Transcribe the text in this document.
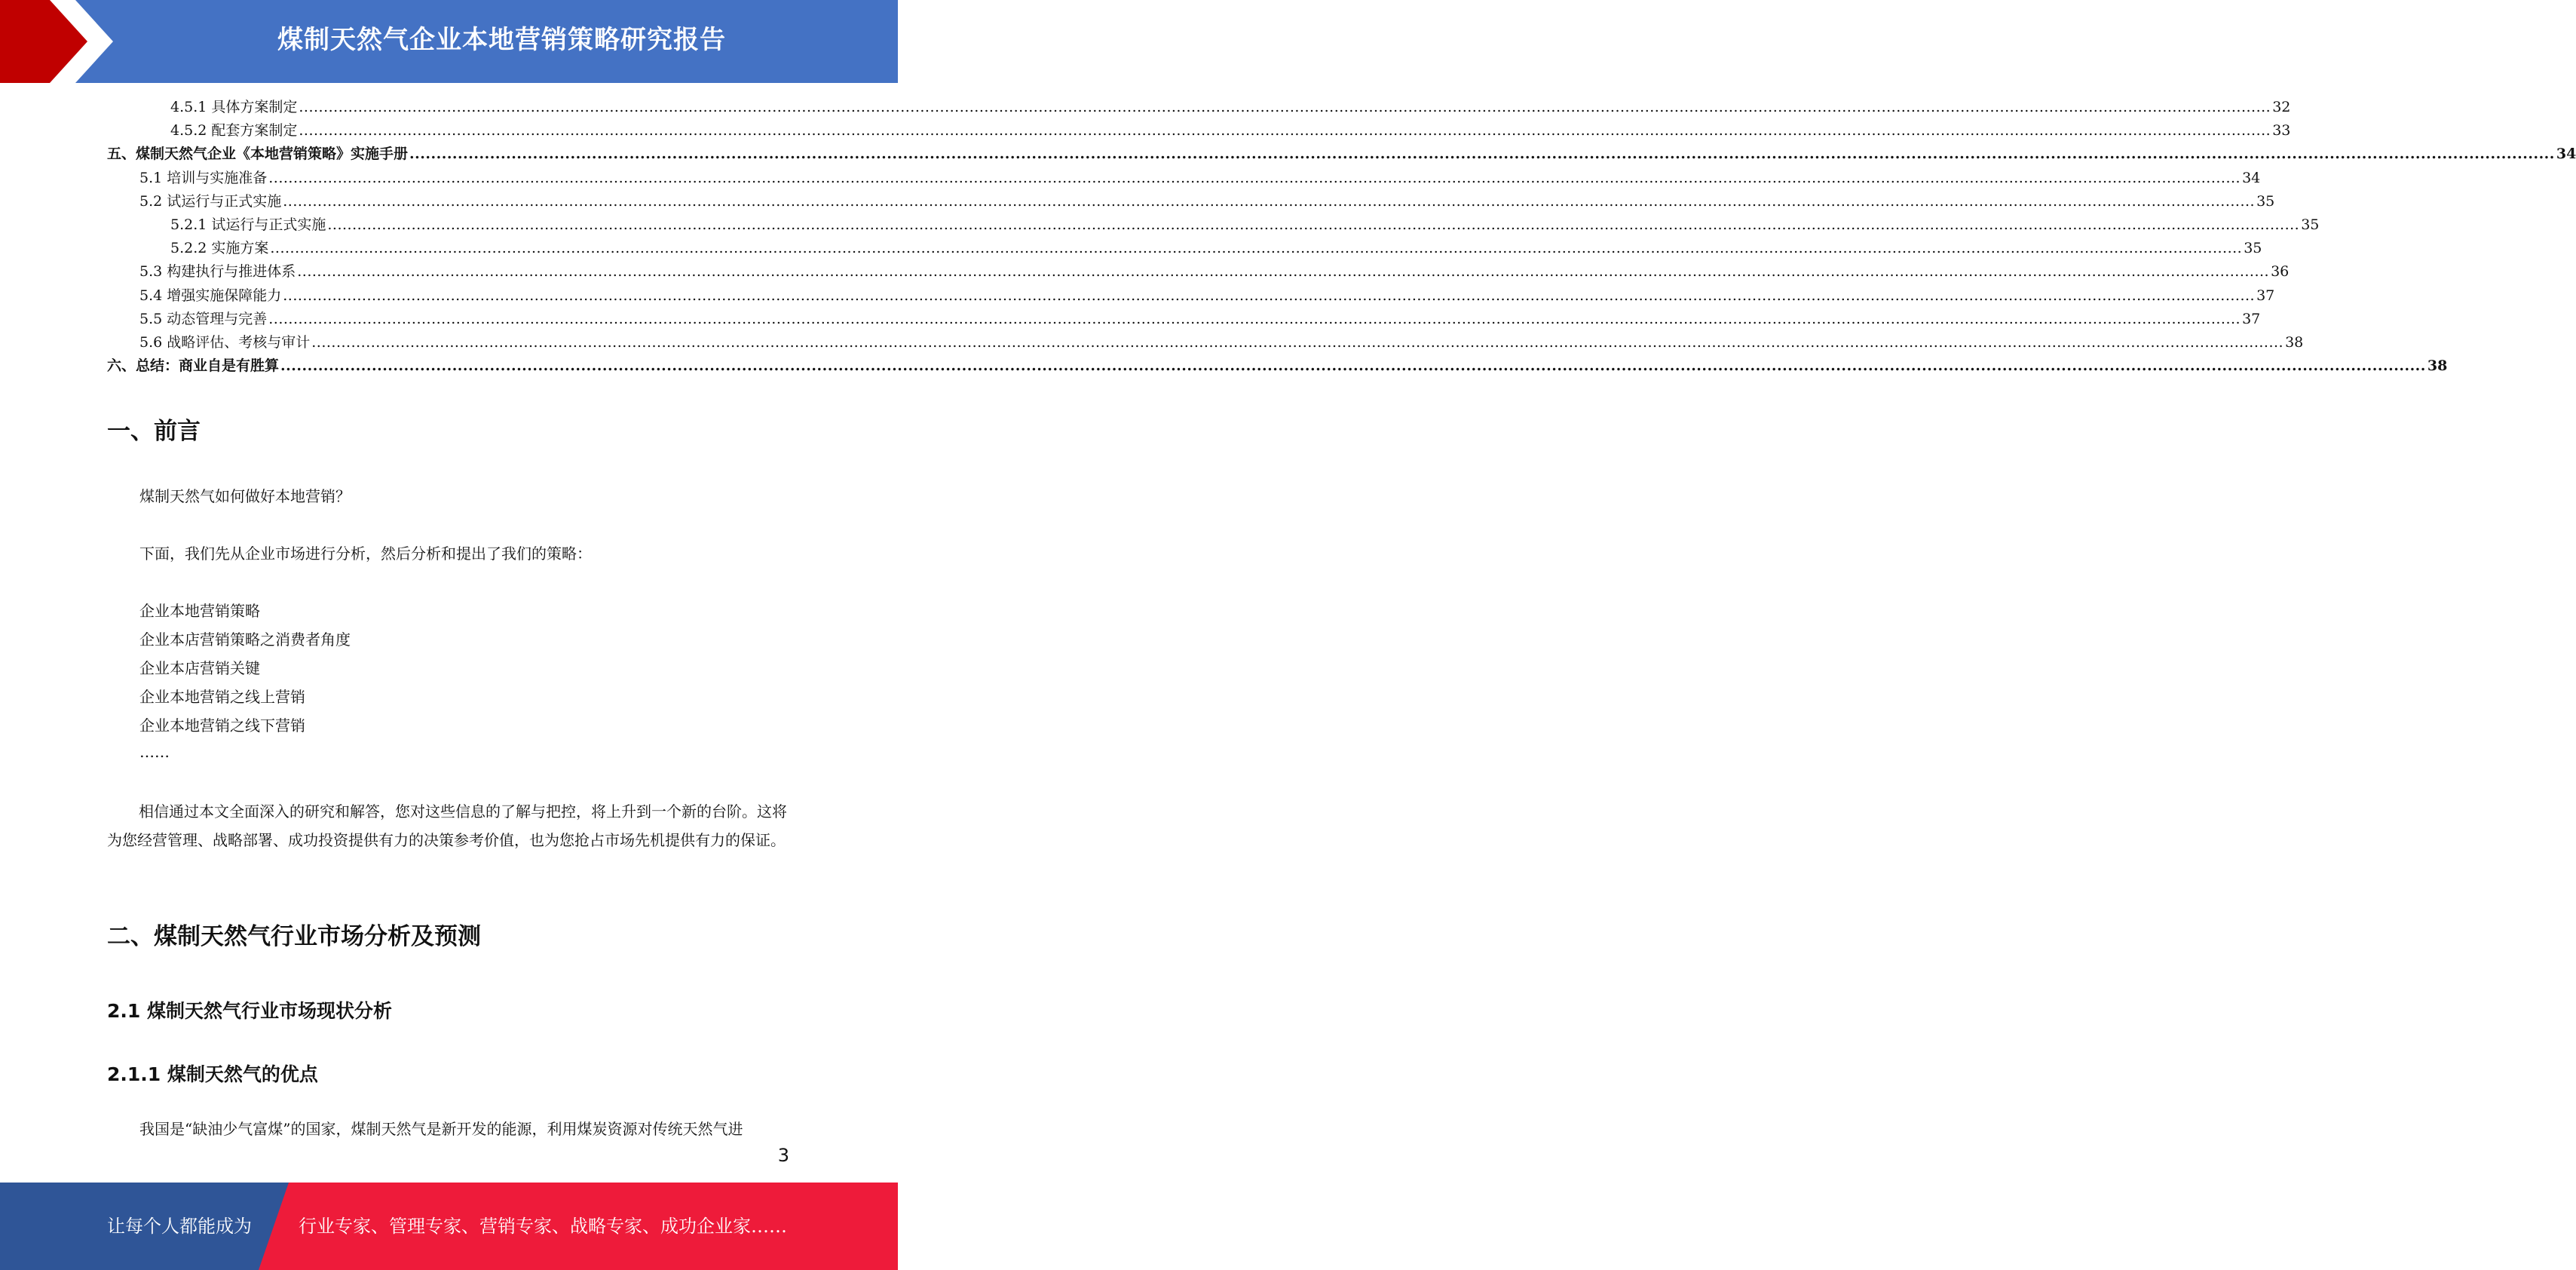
煤制天然气企业本地营销策略研究报告
4.5.1 具体方案制定 ................................................................................................................................................................................................................................................................................................................................................................................................................ 32
4.5.2 配套方案制定 ................................................................................................................................................................................................................................................................................................................................................................................................................ 33
五、煤制天然气企业《本地营销策略》实施手册 ................................................................................................................................................................................................................................................................................................................................................................................................................ 34
5.1 培训与实施准备 ................................................................................................................................................................................................................................................................................................................................................................................................................ 34
5.2 试运行与正式实施 ................................................................................................................................................................................................................................................................................................................................................................................................................ 35
5.2.1 试运行与正式实施 ................................................................................................................................................................................................................................................................................................................................................................................................................ 35
5.2.2 实施方案 ................................................................................................................................................................................................................................................................................................................................................................................................................ 35
5.3 构建执行与推进体系 ................................................................................................................................................................................................................................................................................................................................................................................................................ 36
5.4 增强实施保障能力 ................................................................................................................................................................................................................................................................................................................................................................................................................ 37
5.5 动态管理与完善 ................................................................................................................................................................................................................................................................................................................................................................................................................ 37
5.6 战略评估、考核与审计 ................................................................................................................................................................................................................................................................................................................................................................................................................ 38
六、总结：商业自是有胜算 ................................................................................................................................................................................................................................................................................................................................................................................................................ 38
一、前言

煤制天然气如何做好本地营销？

下面，我们先从企业市场进行分析，然后分析和提出了我们的策略：

企业本地营销策略

企业本店营销策略之消费者角度

企业本店营销关键

企业本地营销之线上营销

企业本地营销之线下营销

……

相信通过本文全面深入的研究和解答，您对这些信息的了解与把控，将上升到一个新的台阶。这将为您经营管理、战略部署、成功投资提供有力的决策参考价值，也为您抢占市场先机提供有力的保证。

二、煤制天然气行业市场分析及预测
2.1 煤制天然气行业市场现状分析
2.1.1 煤制天然气的优点

我国是“缺油少气富煤”的国家，煤制天然气是新开发的能源，利用煤炭资源对传统天然气进

3
让每个人都能成为	行业专家、管理专家、营销专家、战略专家、成功企业家……
